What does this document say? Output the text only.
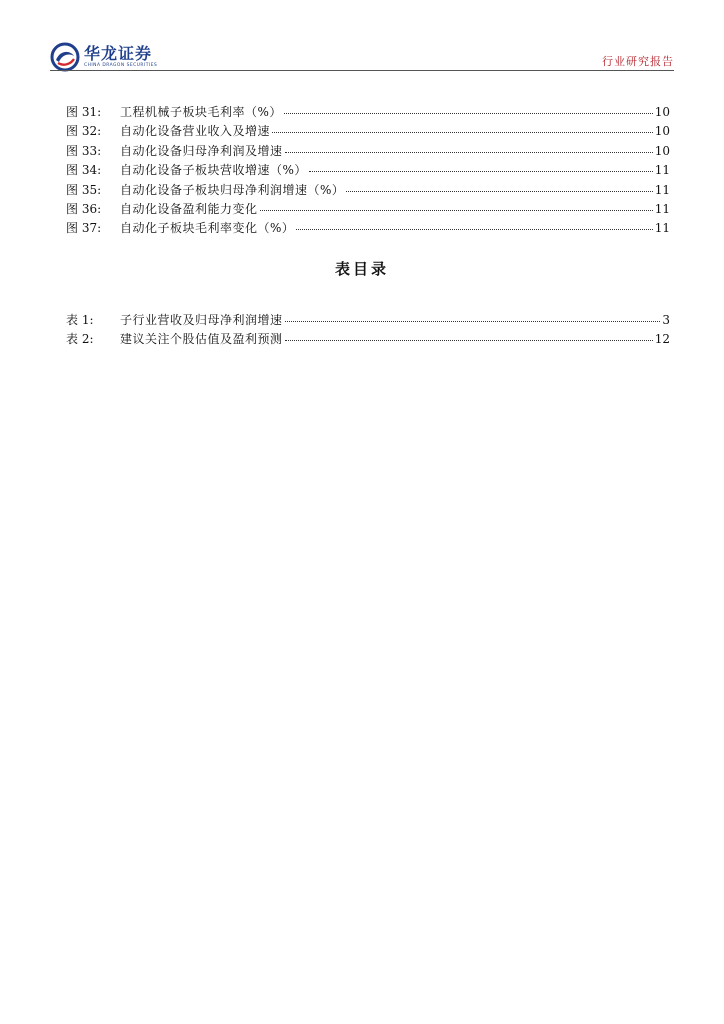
华龙证券
CHINA DRAGON SECURITIES	行业研究报告
图 31:	工程机械子板块毛利率（%）	10
图 32:	自动化设备营业收入及增速	10
图 33:	自动化设备归母净利润及增速	10
图 34:	自动化设备子板块营收增速（%）	11
图 35:	自动化设备子板块归母净利润增速（%）	11
图 36:	自动化设备盈利能力变化	11
图 37:	自动化子板块毛利率变化（%）	11
表目录
表 1:	子行业营收及归母净利润增速	3
表 2:	建议关注个股估值及盈利预测	12
